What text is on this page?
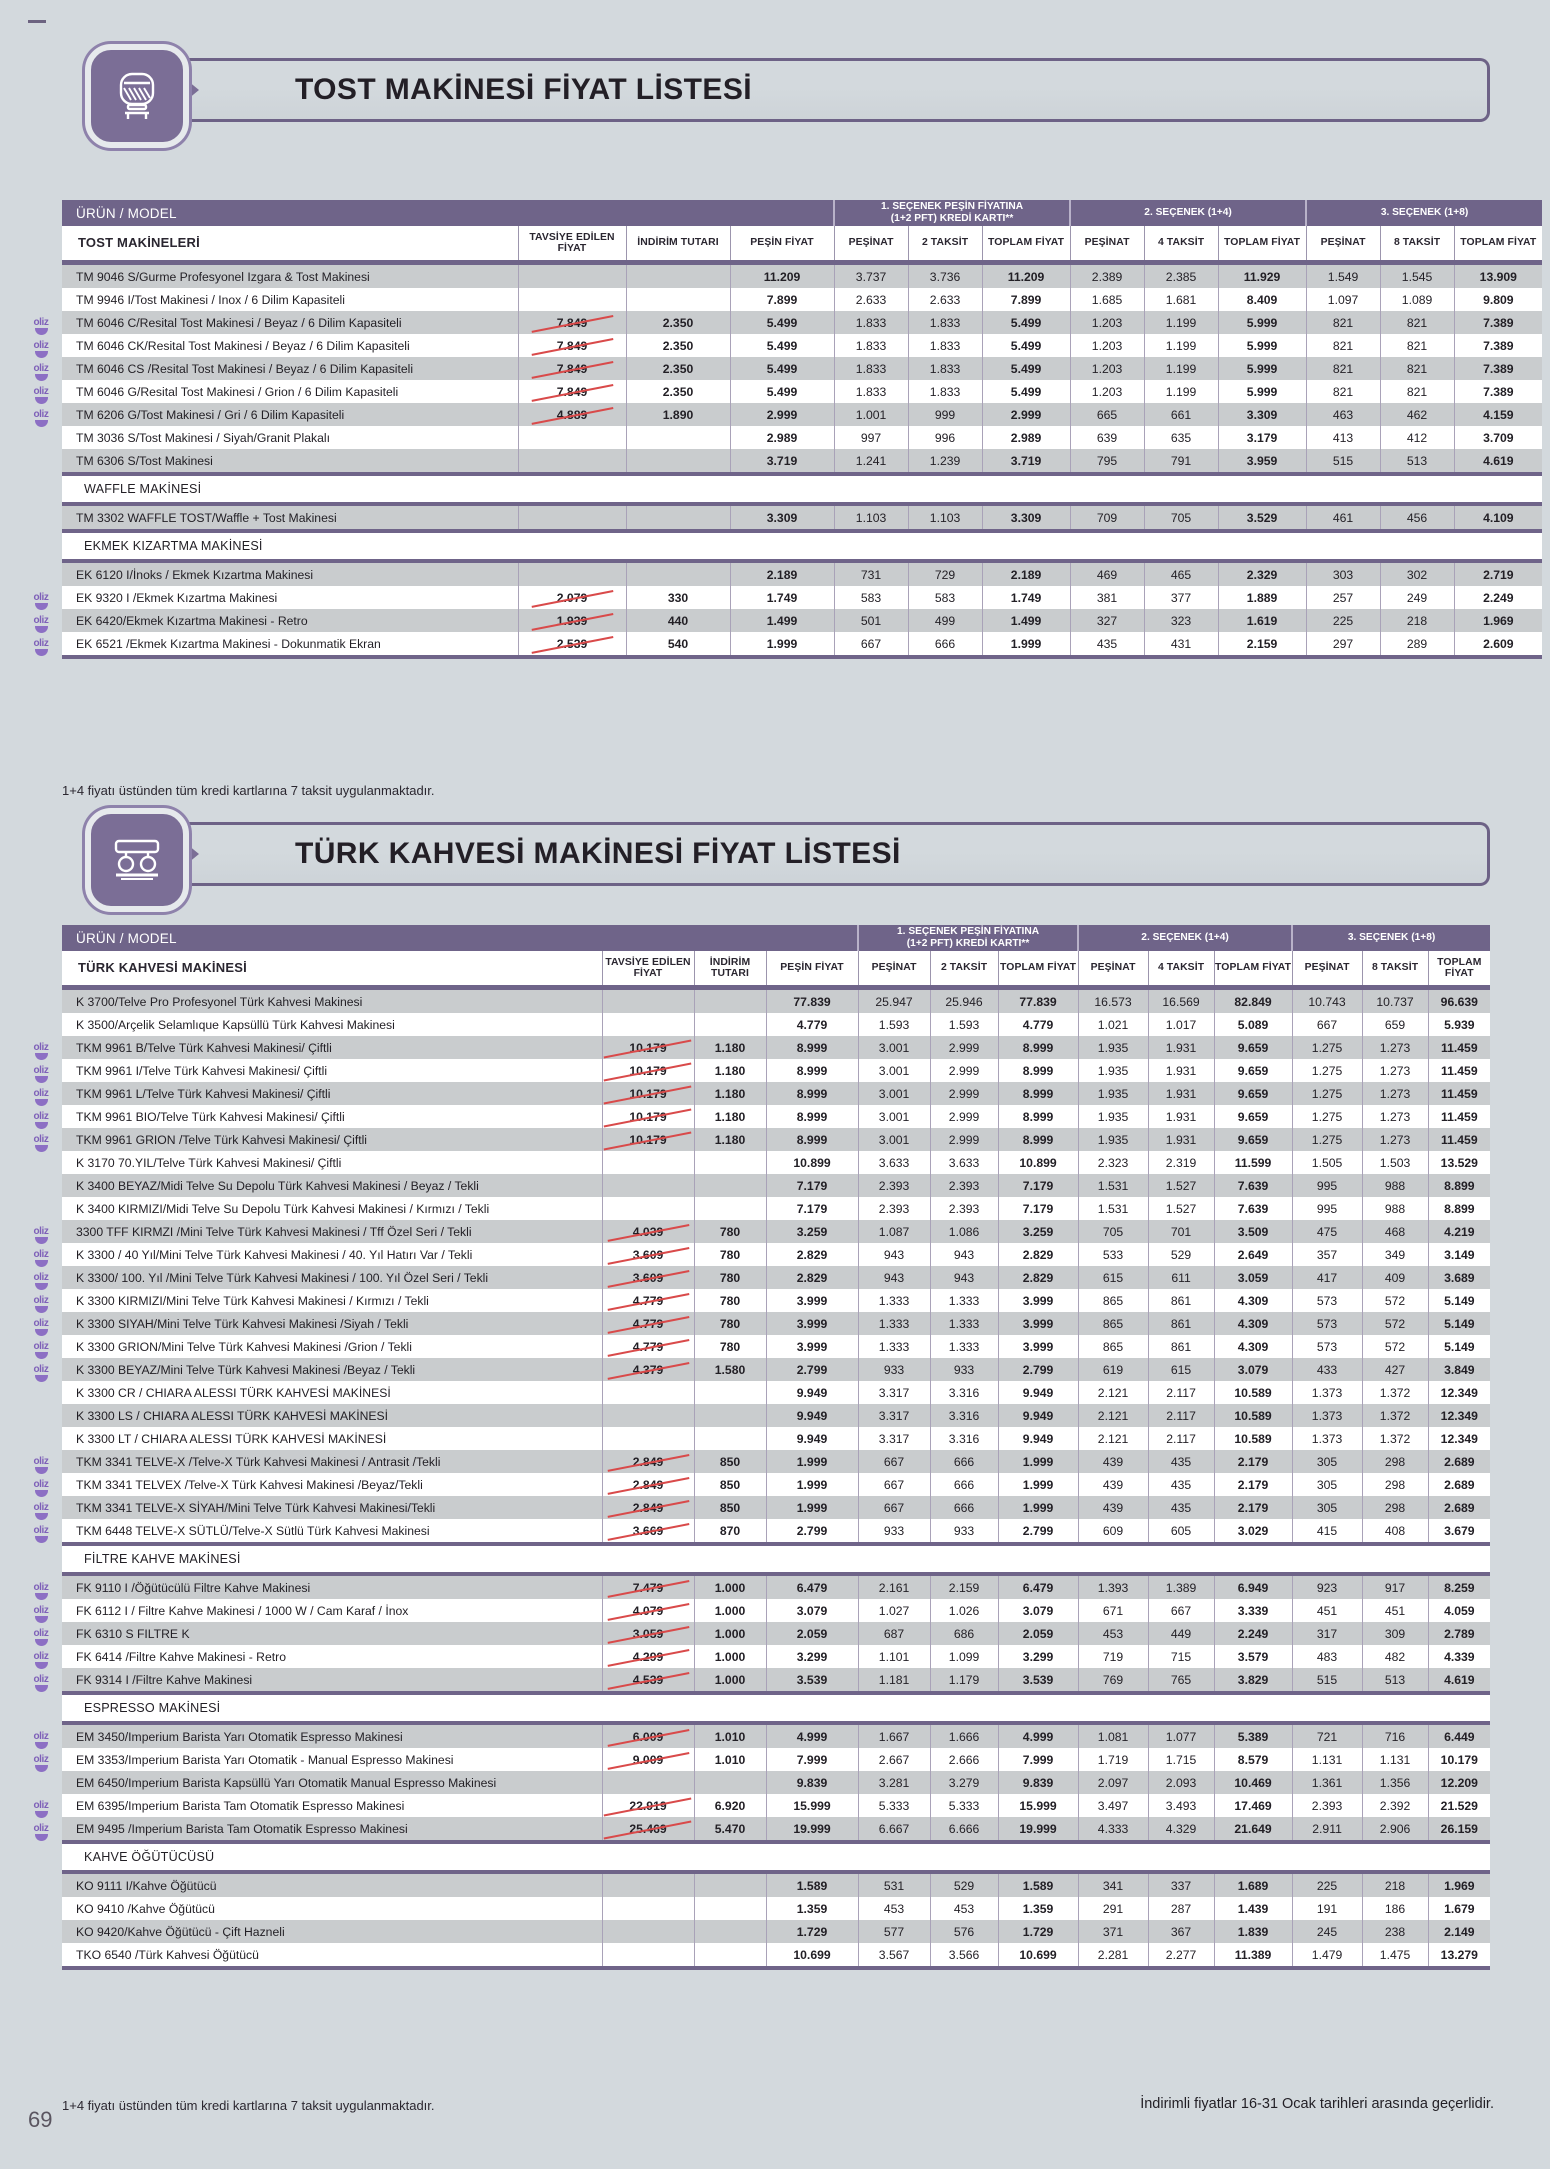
TOST MAKİNESİ FİYAT LİSTESİ
ÜRÜN / MODEL				1. SEÇENEK PEŞİN FİYATINA
(1+2 PFT) KREDİ KARTI**			2. SEÇENEK (1+4)			3. SEÇENEK (1+8)		
TOST MAKİNELERİ	TAVSİYE EDİLEN FİYAT	İNDİRİM TUTARI	PEŞİN FİYAT	PEŞİNAT	2 TAKSİT	TOPLAM FİYAT	PEŞİNAT	4 TAKSİT	TOPLAM FİYAT	PEŞİNAT	8 TAKSİT	TOPLAM FİYAT

TM 9046 S/Gurme Profesyonel Izgara & Tost Makinesi			11.209	3.737	3.736	11.209	2.389	2.385	11.929	1.549	1.545	13.909
TM 9946 I/Tost Makinesi / Inox / 6 Dilim Kapasiteli			7.899	2.633	2.633	7.899	1.685	1.681	8.409	1.097	1.089	9.809

oliz TM 6046 C/Resital Tost Makinesi / Beyaz / 6 Dilim Kapasiteli	7.849	2.350	5.499	1.833	1.833	5.499	1.203	1.199	5.999	821	821	7.389

oliz TM 6046 CK/Resital Tost Makinesi / Beyaz / 6 Dilim Kapasiteli	7.849	2.350	5.499	1.833	1.833	5.499	1.203	1.199	5.999	821	821	7.389

oliz TM 6046 CS /Resital Tost Makinesi / Beyaz / 6 Dilim Kapasiteli	7.849	2.350	5.499	1.833	1.833	5.499	1.203	1.199	5.999	821	821	7.389

oliz TM 6046 G/Resital Tost Makinesi / Grion / 6 Dilim Kapasiteli	7.849	2.350	5.499	1.833	1.833	5.499	1.203	1.199	5.999	821	821	7.389

oliz TM 6206 G/Tost Makinesi / Gri / 6 Dilim Kapasiteli	4.889	1.890	2.999	1.001	999	2.999	665	661	3.309	463	462	4.159
TM 3036 S/Tost Makinesi / Siyah/Granit Plakalı			2.989	997	996	2.989	639	635	3.179	413	412	3.709
TM 6306 S/Tost Makinesi			3.719	1.241	1.239	3.719	795	791	3.959	515	513	4.619

WAFFLE MAKİNESİ												

TM 3302 WAFFLE TOST/Waffle + Tost Makinesi			3.309	1.103	1.103	3.309	709	705	3.529	461	456	4.109

EKMEK KIZARTMA MAKİNESİ												

EK 6120 I/İnoks / Ekmek Kızartma Makinesi			2.189	731	729	2.189	469	465	2.329	303	302	2.719

oliz EK 9320 I /Ekmek Kızartma Makinesi	2.079	330	1.749	583	583	1.749	381	377	1.889	257	249	2.249

oliz EK 6420/Ekmek Kızartma Makinesi - Retro	1.939	440	1.499	501	499	1.499	327	323	1.619	225	218	1.969

oliz EK 6521 /Ekmek Kızartma Makinesi - Dokunmatik Ekran	2.539	540	1.999	667	666	1.999	435	431	2.159	297	289	2.609

1+4 fiyatı üstünden tüm kredi kartlarına 7 taksit uygulanmaktadır.
TÜRK KAHVESİ MAKİNESİ FİYAT LİSTESİ
ÜRÜN / MODEL				1. SEÇENEK PEŞİN FİYATINA
(1+2 PFT) KREDİ KARTI**			2. SEÇENEK (1+4)			3. SEÇENEK (1+8)		
TÜRK KAHVESİ MAKİNESİ	TAVSİYE EDİLEN FİYAT	İNDİRİM TUTARI	PEŞİN FİYAT	PEŞİNAT	2 TAKSİT	TOPLAM FİYAT	PEŞİNAT	4 TAKSİT	TOPLAM FİYAT	PEŞİNAT	8 TAKSİT	TOPLAM FİYAT

K 3700/Telve Pro Profesyonel Türk Kahvesi Makinesi			77.839	25.947	25.946	77.839	16.573	16.569	82.849	10.743	10.737	96.639
K 3500/Arçelik Selamlıque Kapsüllü Türk Kahvesi Makinesi			4.779	1.593	1.593	4.779	1.021	1.017	5.089	667	659	5.939

oliz TKM 9961 B/Telve Türk Kahvesi Makinesi/ Çiftli	10.179	1.180	8.999	3.001	2.999	8.999	1.935	1.931	9.659	1.275	1.273	11.459

oliz TKM 9961 I/Telve Türk Kahvesi Makinesi/ Çiftli	10.179	1.180	8.999	3.001	2.999	8.999	1.935	1.931	9.659	1.275	1.273	11.459

oliz TKM 9961 L/Telve Türk Kahvesi Makinesi/ Çiftli	10.179	1.180	8.999	3.001	2.999	8.999	1.935	1.931	9.659	1.275	1.273	11.459

oliz TKM 9961 BIO/Telve Türk Kahvesi Makinesi/ Çiftli	10.179	1.180	8.999	3.001	2.999	8.999	1.935	1.931	9.659	1.275	1.273	11.459

oliz TKM 9961 GRION /Telve Türk Kahvesi Makinesi/ Çiftli	10.179	1.180	8.999	3.001	2.999	8.999	1.935	1.931	9.659	1.275	1.273	11.459
K 3170 70.YIL/Telve Türk Kahvesi Makinesi/ Çiftli			10.899	3.633	3.633	10.899	2.323	2.319	11.599	1.505	1.503	13.529
K 3400 BEYAZ/Midi Telve Su Depolu Türk Kahvesi Makinesi / Beyaz / Tekli			7.179	2.393	2.393	7.179	1.531	1.527	7.639	995	988	8.899
K 3400 KIRMIZI/Midi Telve Su Depolu Türk Kahvesi Makinesi / Kırmızı / Tekli			7.179	2.393	2.393	7.179	1.531	1.527	7.639	995	988	8.899

oliz 3300 TFF KIRMZI /Mini Telve Türk Kahvesi Makinesi / Tff Özel Seri / Tekli	4.039	780	3.259	1.087	1.086	3.259	705	701	3.509	475	468	4.219

oliz K 3300 / 40 Yıl/Mini Telve Türk Kahvesi Makinesi / 40. Yıl Hatırı Var / Tekli	3.609	780	2.829	943	943	2.829	533	529	2.649	357	349	3.149

oliz K 3300/ 100. Yıl /Mini Telve Türk Kahvesi Makinesi / 100. Yıl Özel Seri / Tekli	3.609	780	2.829	943	943	2.829	615	611	3.059	417	409	3.689

oliz K 3300 KIRMIZI/Mini Telve Türk Kahvesi Makinesi / Kırmızı / Tekli	4.779	780	3.999	1.333	1.333	3.999	865	861	4.309	573	572	5.149

oliz K 3300 SIYAH/Mini Telve Türk Kahvesi Makinesi /Siyah / Tekli	4.779	780	3.999	1.333	1.333	3.999	865	861	4.309	573	572	5.149

oliz K 3300 GRION/Mini Telve Türk Kahvesi Makinesi /Grion / Tekli	4.779	780	3.999	1.333	1.333	3.999	865	861	4.309	573	572	5.149

oliz K 3300 BEYAZ/Mini Telve Türk Kahvesi Makinesi /Beyaz / Tekli	4.379	1.580	2.799	933	933	2.799	619	615	3.079	433	427	3.849
K 3300 CR / CHIARA ALESSI TÜRK KAHVESİ MAKİNESİ			9.949	3.317	3.316	9.949	2.121	2.117	10.589	1.373	1.372	12.349
K 3300 LS / CHIARA ALESSI TÜRK KAHVESİ MAKİNESİ			9.949	3.317	3.316	9.949	2.121	2.117	10.589	1.373	1.372	12.349
K 3300 LT / CHIARA ALESSI TÜRK KAHVESİ MAKİNESİ			9.949	3.317	3.316	9.949	2.121	2.117	10.589	1.373	1.372	12.349

oliz TKM 3341 TELVE-X /Telve-X Türk Kahvesi Makinesi / Antrasit /Tekli	2.849	850	1.999	667	666	1.999	439	435	2.179	305	298	2.689

oliz TKM 3341 TELVEX /Telve-X Türk Kahvesi Makinesi /Beyaz/Tekli	2.849	850	1.999	667	666	1.999	439	435	2.179	305	298	2.689

oliz TKM 3341 TELVE-X SİYAH/Mini Telve Türk Kahvesi Makinesi/Tekli	2.849	850	1.999	667	666	1.999	439	435	2.179	305	298	2.689

oliz TKM 6448 TELVE-X SÜTLÜ/Telve-X Sütlü Türk Kahvesi Makinesi	3.669	870	2.799	933	933	2.799	609	605	3.029	415	408	3.679

FİLTRE KAHVE MAKİNESİ												

oliz FK 9110 I /Öğütücülü Filtre Kahve Makinesi	7.479	1.000	6.479	2.161	2.159	6.479	1.393	1.389	6.949	923	917	8.259

oliz FK 6112 I / Filtre Kahve Makinesi / 1000 W / Cam Karaf / İnox	4.079	1.000	3.079	1.027	1.026	3.079	671	667	3.339	451	451	4.059

oliz FK 6310 S FILTRE K	3.059	1.000	2.059	687	686	2.059	453	449	2.249	317	309	2.789

oliz FK 6414 /Filtre Kahve Makinesi - Retro	4.299	1.000	3.299	1.101	1.099	3.299	719	715	3.579	483	482	4.339

oliz FK 9314 I /Filtre Kahve Makinesi	4.539	1.000	3.539	1.181	1.179	3.539	769	765	3.829	515	513	4.619

ESPRESSO MAKİNESİ												

oliz EM 3450/Imperium Barista Yarı Otomatik Espresso Makinesi	6.009	1.010	4.999	1.667	1.666	4.999	1.081	1.077	5.389	721	716	6.449

oliz EM 3353/Imperium Barista Yarı Otomatik - Manual Espresso Makinesi	9.009	1.010	7.999	2.667	2.666	7.999	1.719	1.715	8.579	1.131	1.131	10.179
EM 6450/Imperium Barista Kapsüllü Yarı Otomatik Manual Espresso Makinesi			9.839	3.281	3.279	9.839	2.097	2.093	10.469	1.361	1.356	12.209

oliz EM 6395/Imperium Barista Tam Otomatik Espresso Makinesi	22.919	6.920	15.999	5.333	5.333	15.999	3.497	3.493	17.469	2.393	2.392	21.529

oliz EM 9495 /Imperium Barista Tam Otomatik Espresso Makinesi	25.469	5.470	19.999	6.667	6.666	19.999	4.333	4.329	21.649	2.911	2.906	26.159

KAHVE ÖĞÜTÜCÜSÜ												

KO 9111 I/Kahve Öğütücü			1.589	531	529	1.589	341	337	1.689	225	218	1.969
KO 9410 /Kahve Öğütücü			1.359	453	453	1.359	291	287	1.439	191	186	1.679
KO 9420/Kahve Öğütücü - Çift Hazneli			1.729	577	576	1.729	371	367	1.839	245	238	2.149
TKO 6540 /Türk Kahvesi Öğütücü			10.699	3.567	3.566	10.699	2.281	2.277	11.389	1.479	1.475	13.279

1+4 fiyatı üstünden tüm kredi kartlarına 7 taksit uygulanmaktadır.	İndirimli fiyatlar 16-31 Ocak tarihleri arasında geçerlidir.
69
